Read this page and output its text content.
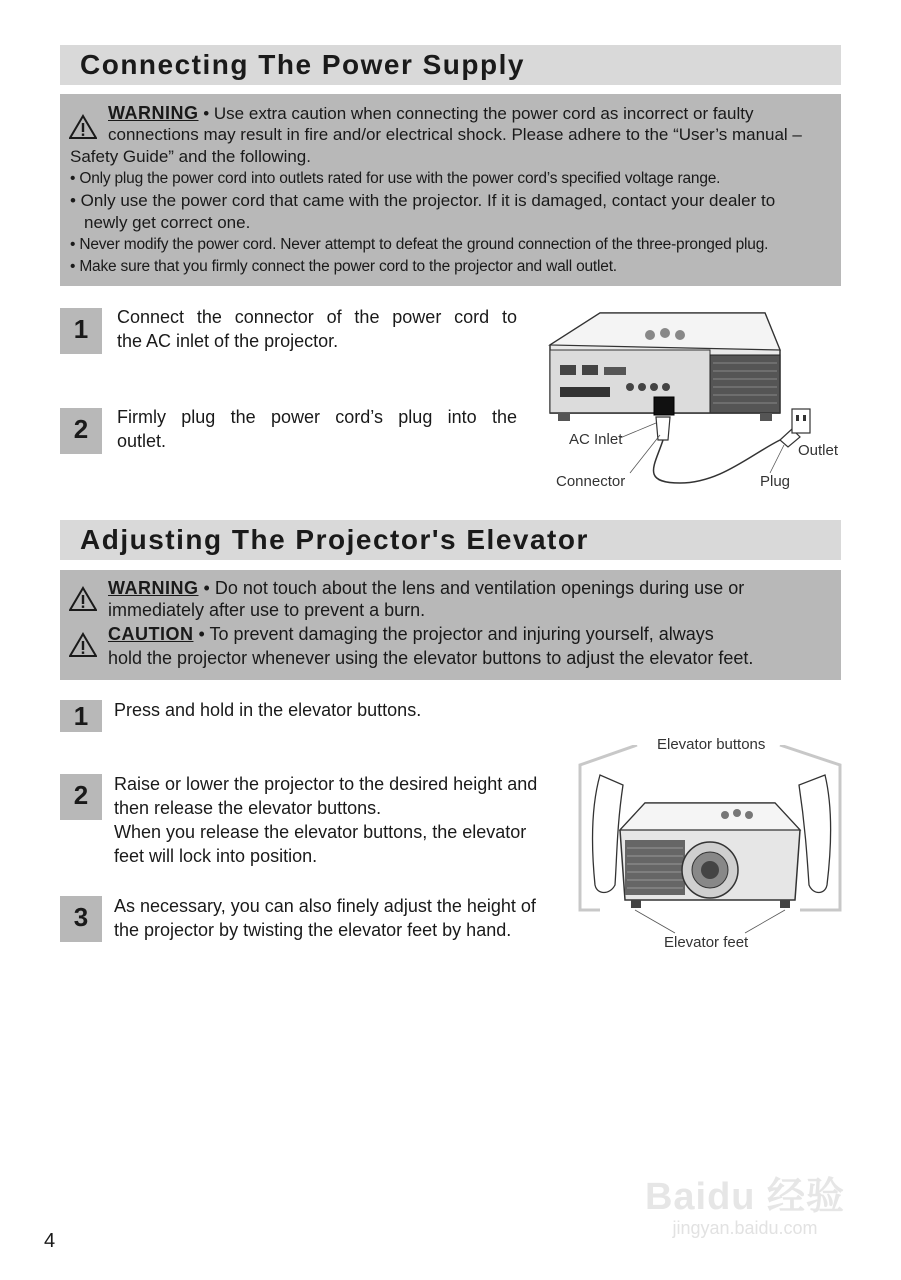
Connecting The Power Supply
WARNING • Use extra caution when connecting the power cord as incorrect or faulty
connections may result in fire and/or electrical shock. Please adhere to the “User’s manual –
Safety Guide” and the following.
• Only plug the power cord into outlets rated for use with the power cord’s specified voltage range.
• Only use the power cord that came with the projector. If it is damaged, contact your dealer to
newly get correct one.
• Never modify the power cord. Never attempt to defeat the ground connection of the three-pronged plug.
• Make sure that you firmly connect the power cord to the projector and wall outlet.
1	Connect the connector of the power cord to
the AC inlet of the projector.
2	Firmly plug the power cord’s plug into the
outlet.	AC Inlet
Connector	Plug
Outlet
Adjusting The Projector's Elevator
WARNING • Do not touch about the lens and ventilation openings during use or
immediately after use to prevent a burn.
CAUTION • To prevent damaging the projector and injuring yourself, always
hold the projector whenever using the elevator buttons to adjust the elevator feet.
1	Press and hold in the elevator buttons.
2	Raise or lower the projector to the desired height and
then release the elevator buttons.
When you release the elevator buttons, the elevator
feet will lock into position.
3	As necessary, you can also finely adjust the height of
the projector by twisting the elevator feet by hand.
Elevator buttons
Elevator feet
Baidu 经验
jingyan.baidu.com
4
